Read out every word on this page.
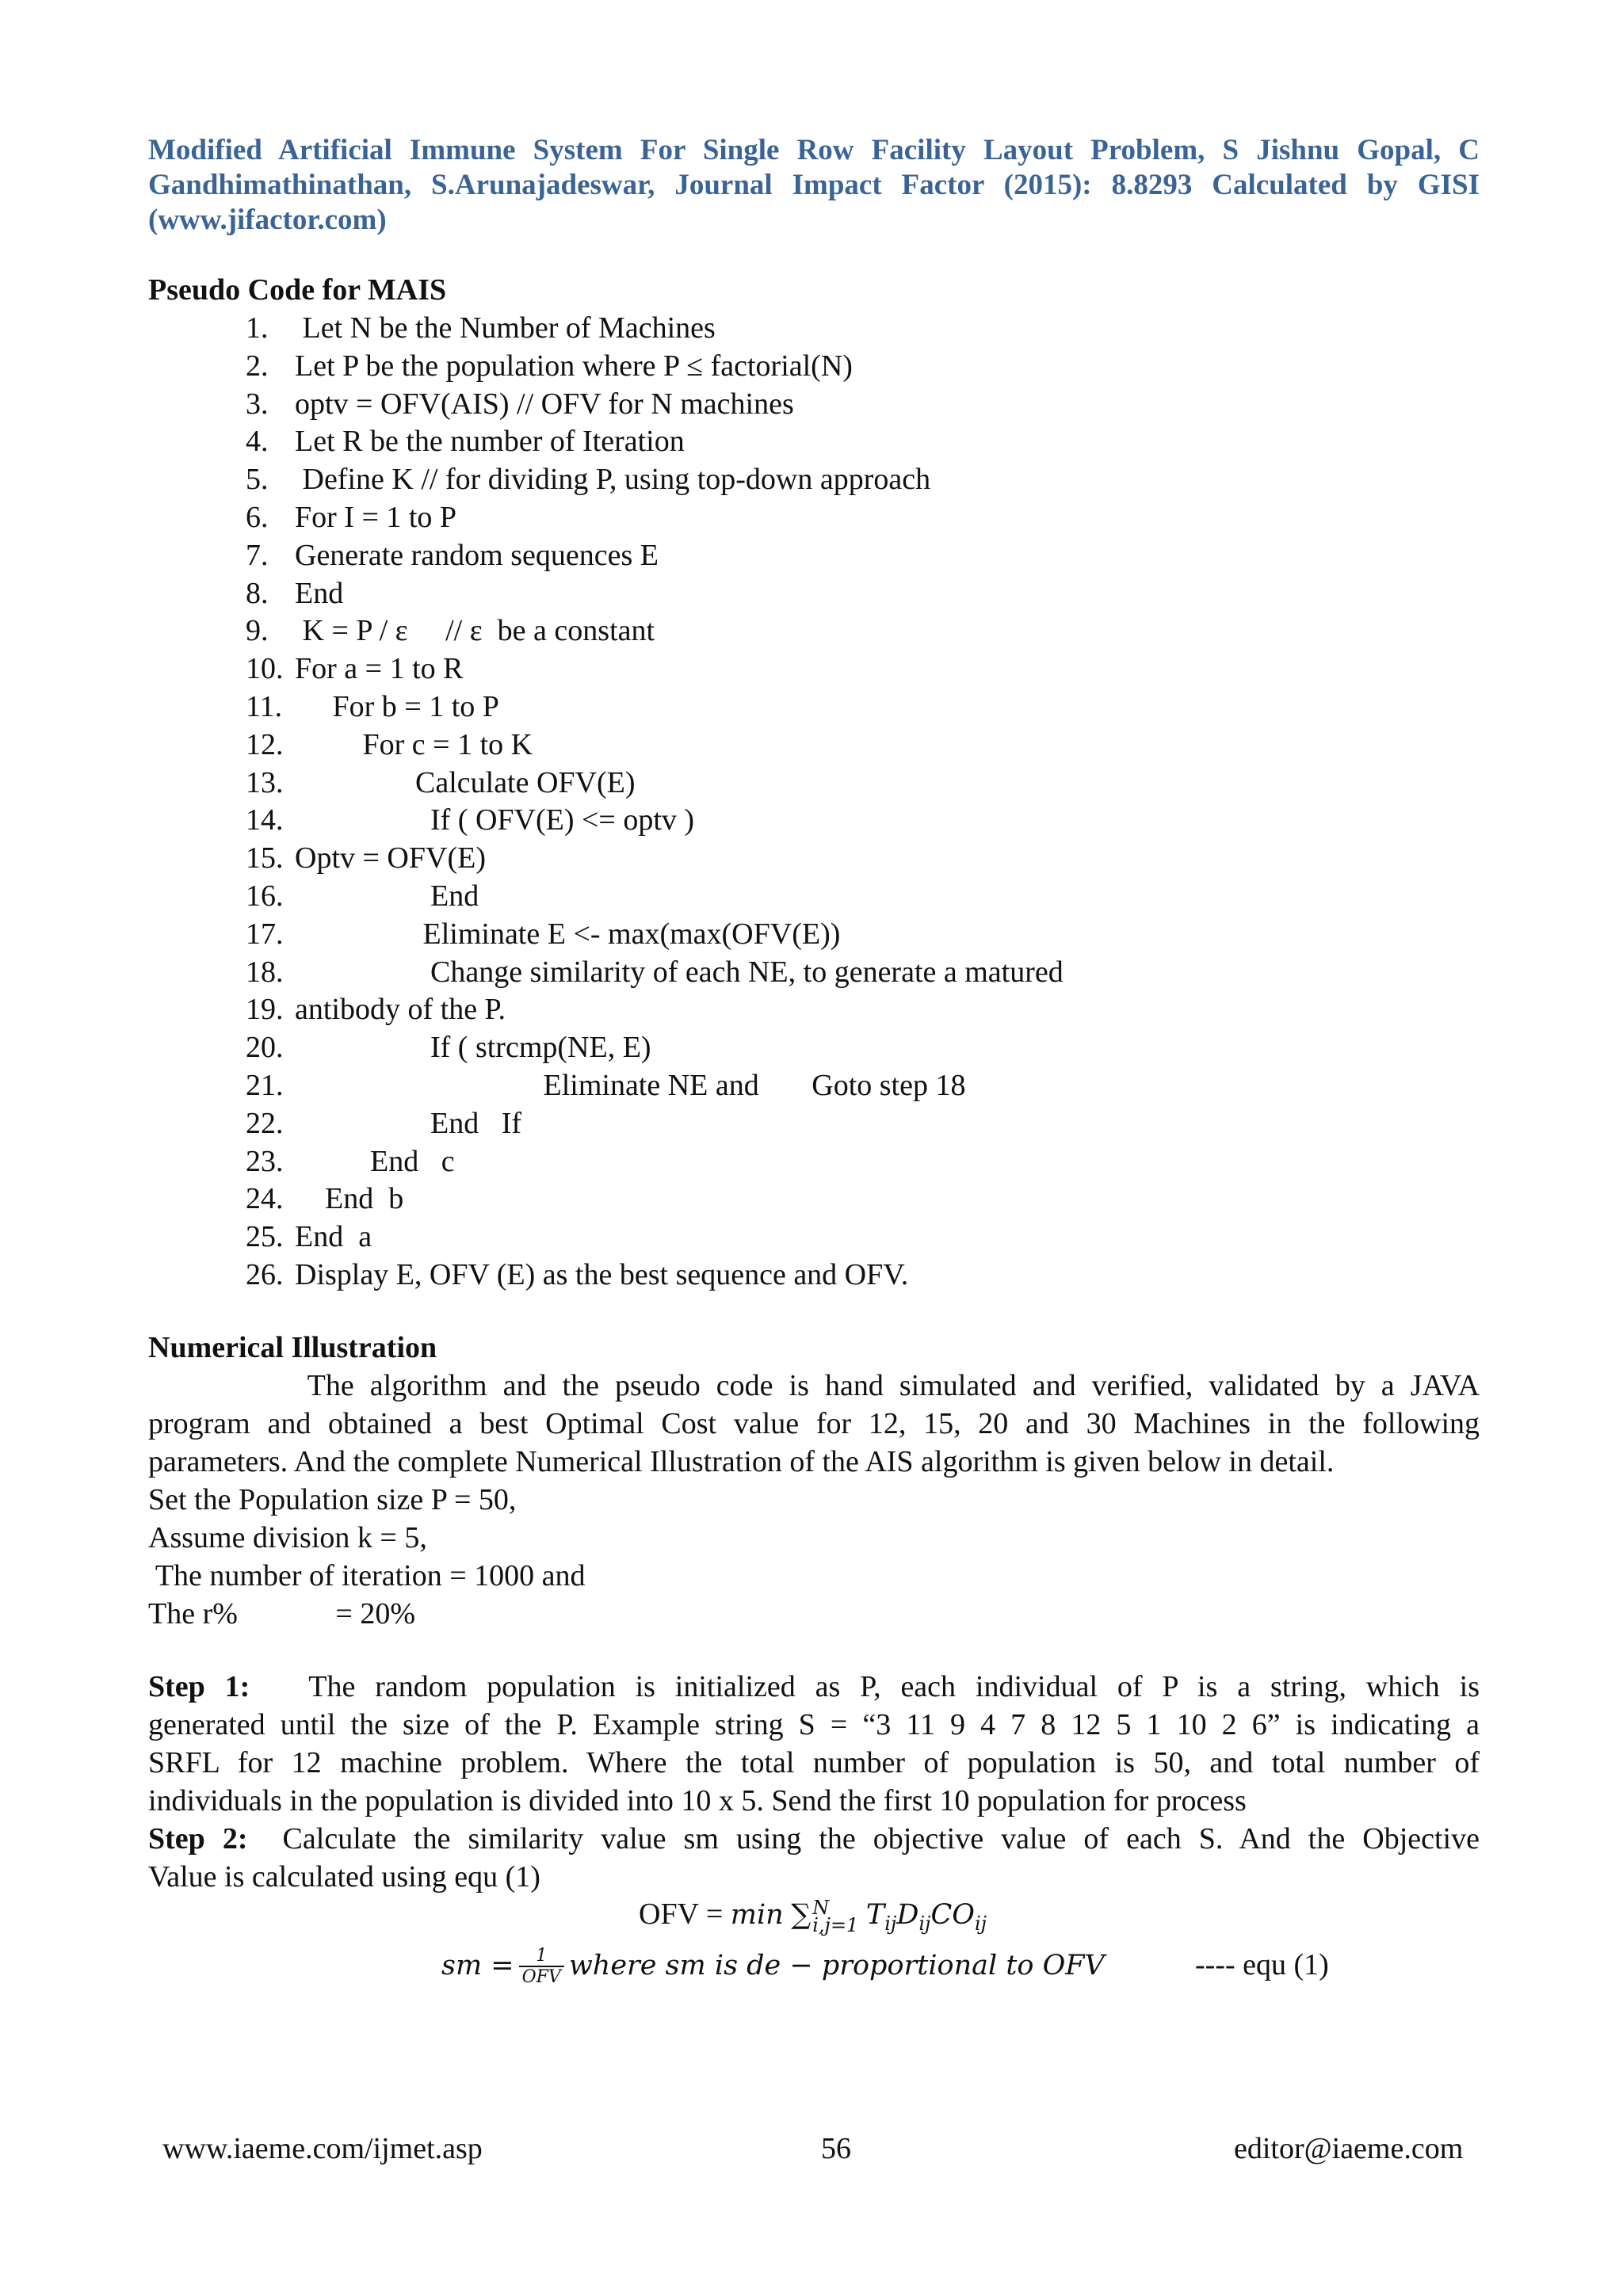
Modified Artificial Immune System For Single Row Facility Layout Problem, S Jishnu Gopal, C
Gandhimathinathan, S.Arunajadeswar, Journal Impact Factor (2015): 8.8293 Calculated by GISI
(www.jifactor.com)
Pseudo Code for MAIS
1. Let N be the Number of Machines
2. Let P be the population where P ≤ factorial(N)
3. optv = OFV(AIS) // OFV for N machines
4. Let R be the number of Iteration
5. Define K // for dividing P, using top-down approach
6. For I = 1 to P
7. Generate random sequences E
8. End
9. K = P / ε     // ε  be a constant
10. For a = 1 to R
11. For b = 1 to P
12. For c = 1 to K
13. Calculate OFV(E)
14. If ( OFV(E) <= optv )
15. Optv = OFV(E)
16. End
17. Eliminate E <- max(max(OFV(E))
18. Change similarity of each NE, to generate a matured
19. antibody of the P.
20. If ( strcmp(NE, E)
21. Eliminate NE and       Goto step 18
22. End   If
23. End   c
24. End  b
25. End  a
26. Display E, OFV (E) as the best sequence and OFV.
Numerical Illustration
The algorithm and the pseudo code is hand simulated and verified, validated by a JAVA
program and obtained a best Optimal Cost value for 12, 15, 20 and 30 Machines in the following
parameters. And the complete Numerical Illustration of the AIS algorithm is given below in detail.
Set the Population size P = 50,
Assume division k = 5,
The number of iteration = 1000 and
The r%             = 20%
Step 1:   The random population is initialized as P, each individual of P is a string, which is
generated until the size of the P. Example string S = “3 11 9 4 7 8 12 5 1 10 2 6” is indicating a
SRFL for 12 machine problem. Where the total number of population is 50, and total number of
individuals in the population is divided into 10 x 5. Send the first 10 population for process
Step 2:  Calculate the similarity value sm using the objective value of each S. And the Objective
Value is calculated using equ (1)
OFV = min ∑ N
i,j=1 $T_{ij}D_{ij}CO_{ij}$
sm = $\frac{1}{\text{OFV}}$ where sm is de − proportional to OFV	---- equ (1)
www.iaeme.com/ijmet.asp	56	editor@iaeme.com
